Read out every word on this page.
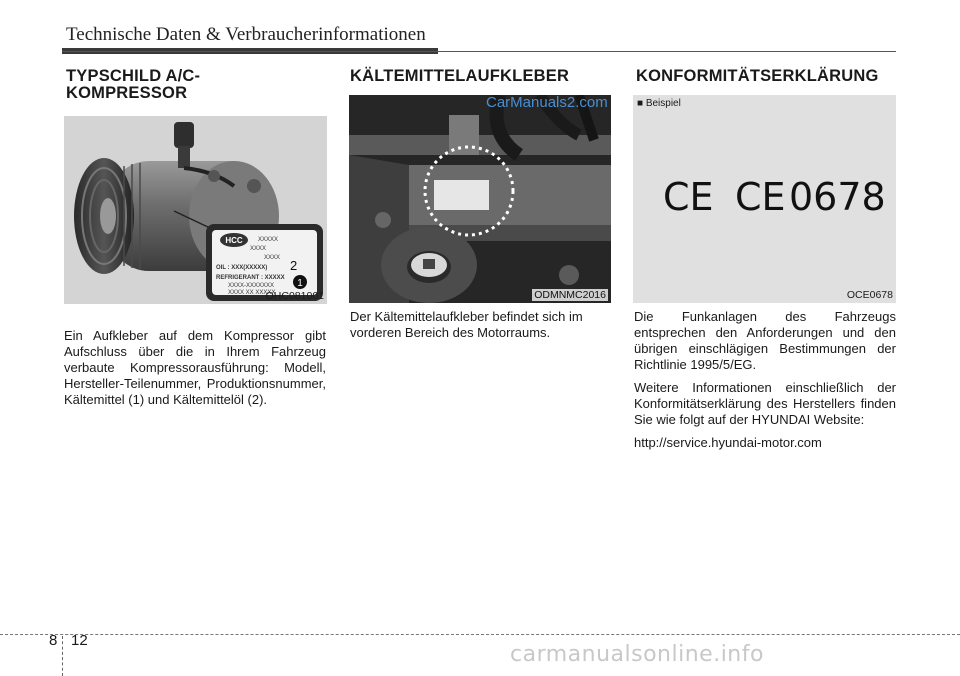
Technische Daten & Verbraucherinformationen
TYPSCHILD A/C-
KOMPRESSOR
HCC	XXXXX
XXXX
XXXX
OIL : XXX(XXXXX)
REFRIGERANT : XXXXX
XXXX-XXXXXXX
XXXX XX XXXXX
2
1
OHC081001

Ein Aufkleber auf dem Kompressor gibt Aufschluss über die in Ihrem Fahrzeug verbaute Kompressorausführung: Modell, Hersteller-Teilenummer, Produktionsnummer, Kältemittel (1) und Kältemittelöl (2).

KÄLTEMITTELAUFKLEBER
CarManuals2.com
ODMNMC2016

Der Kältemittelaufkleber befindet sich im vorderen Bereich des Motorraums.

KONFORMITÄTSERKLÄRUNG
■ Beispiel
CE CE 0678
OCE0678

Die Funkanlagen des Fahrzeugs entsprechen den Anforderungen und den übrigen einschlägigen Bestimmungen der Richtlinie 1995/5/EG.

Weitere Informationen einschließlich der Konformitätserklärung des Herstellers finden Sie wie folgt auf der HYUNDAI Website:

http://service.hyundai-motor.com

8 12
carmanualsonline.info
